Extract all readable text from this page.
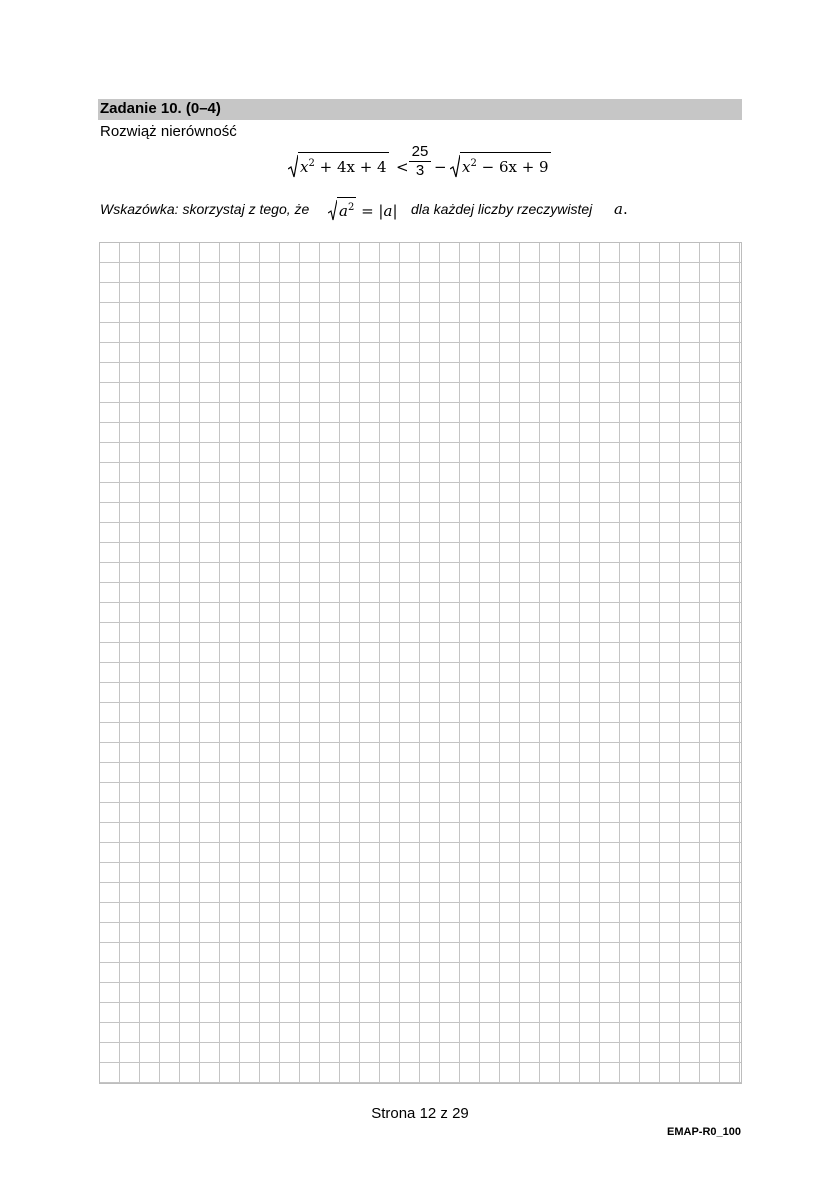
Zadanie 10. (0–4)
Rozwiąż nierówność
$x^2 + 4x + 4$ <
25
$3 - x^2 - 6x + 9$
Wskazówka: skorzystaj z tego, że $a^2$ = | a | dla każdej liczby rzeczywistej a.
Strona 12 z 29
EMAP-R0_100
